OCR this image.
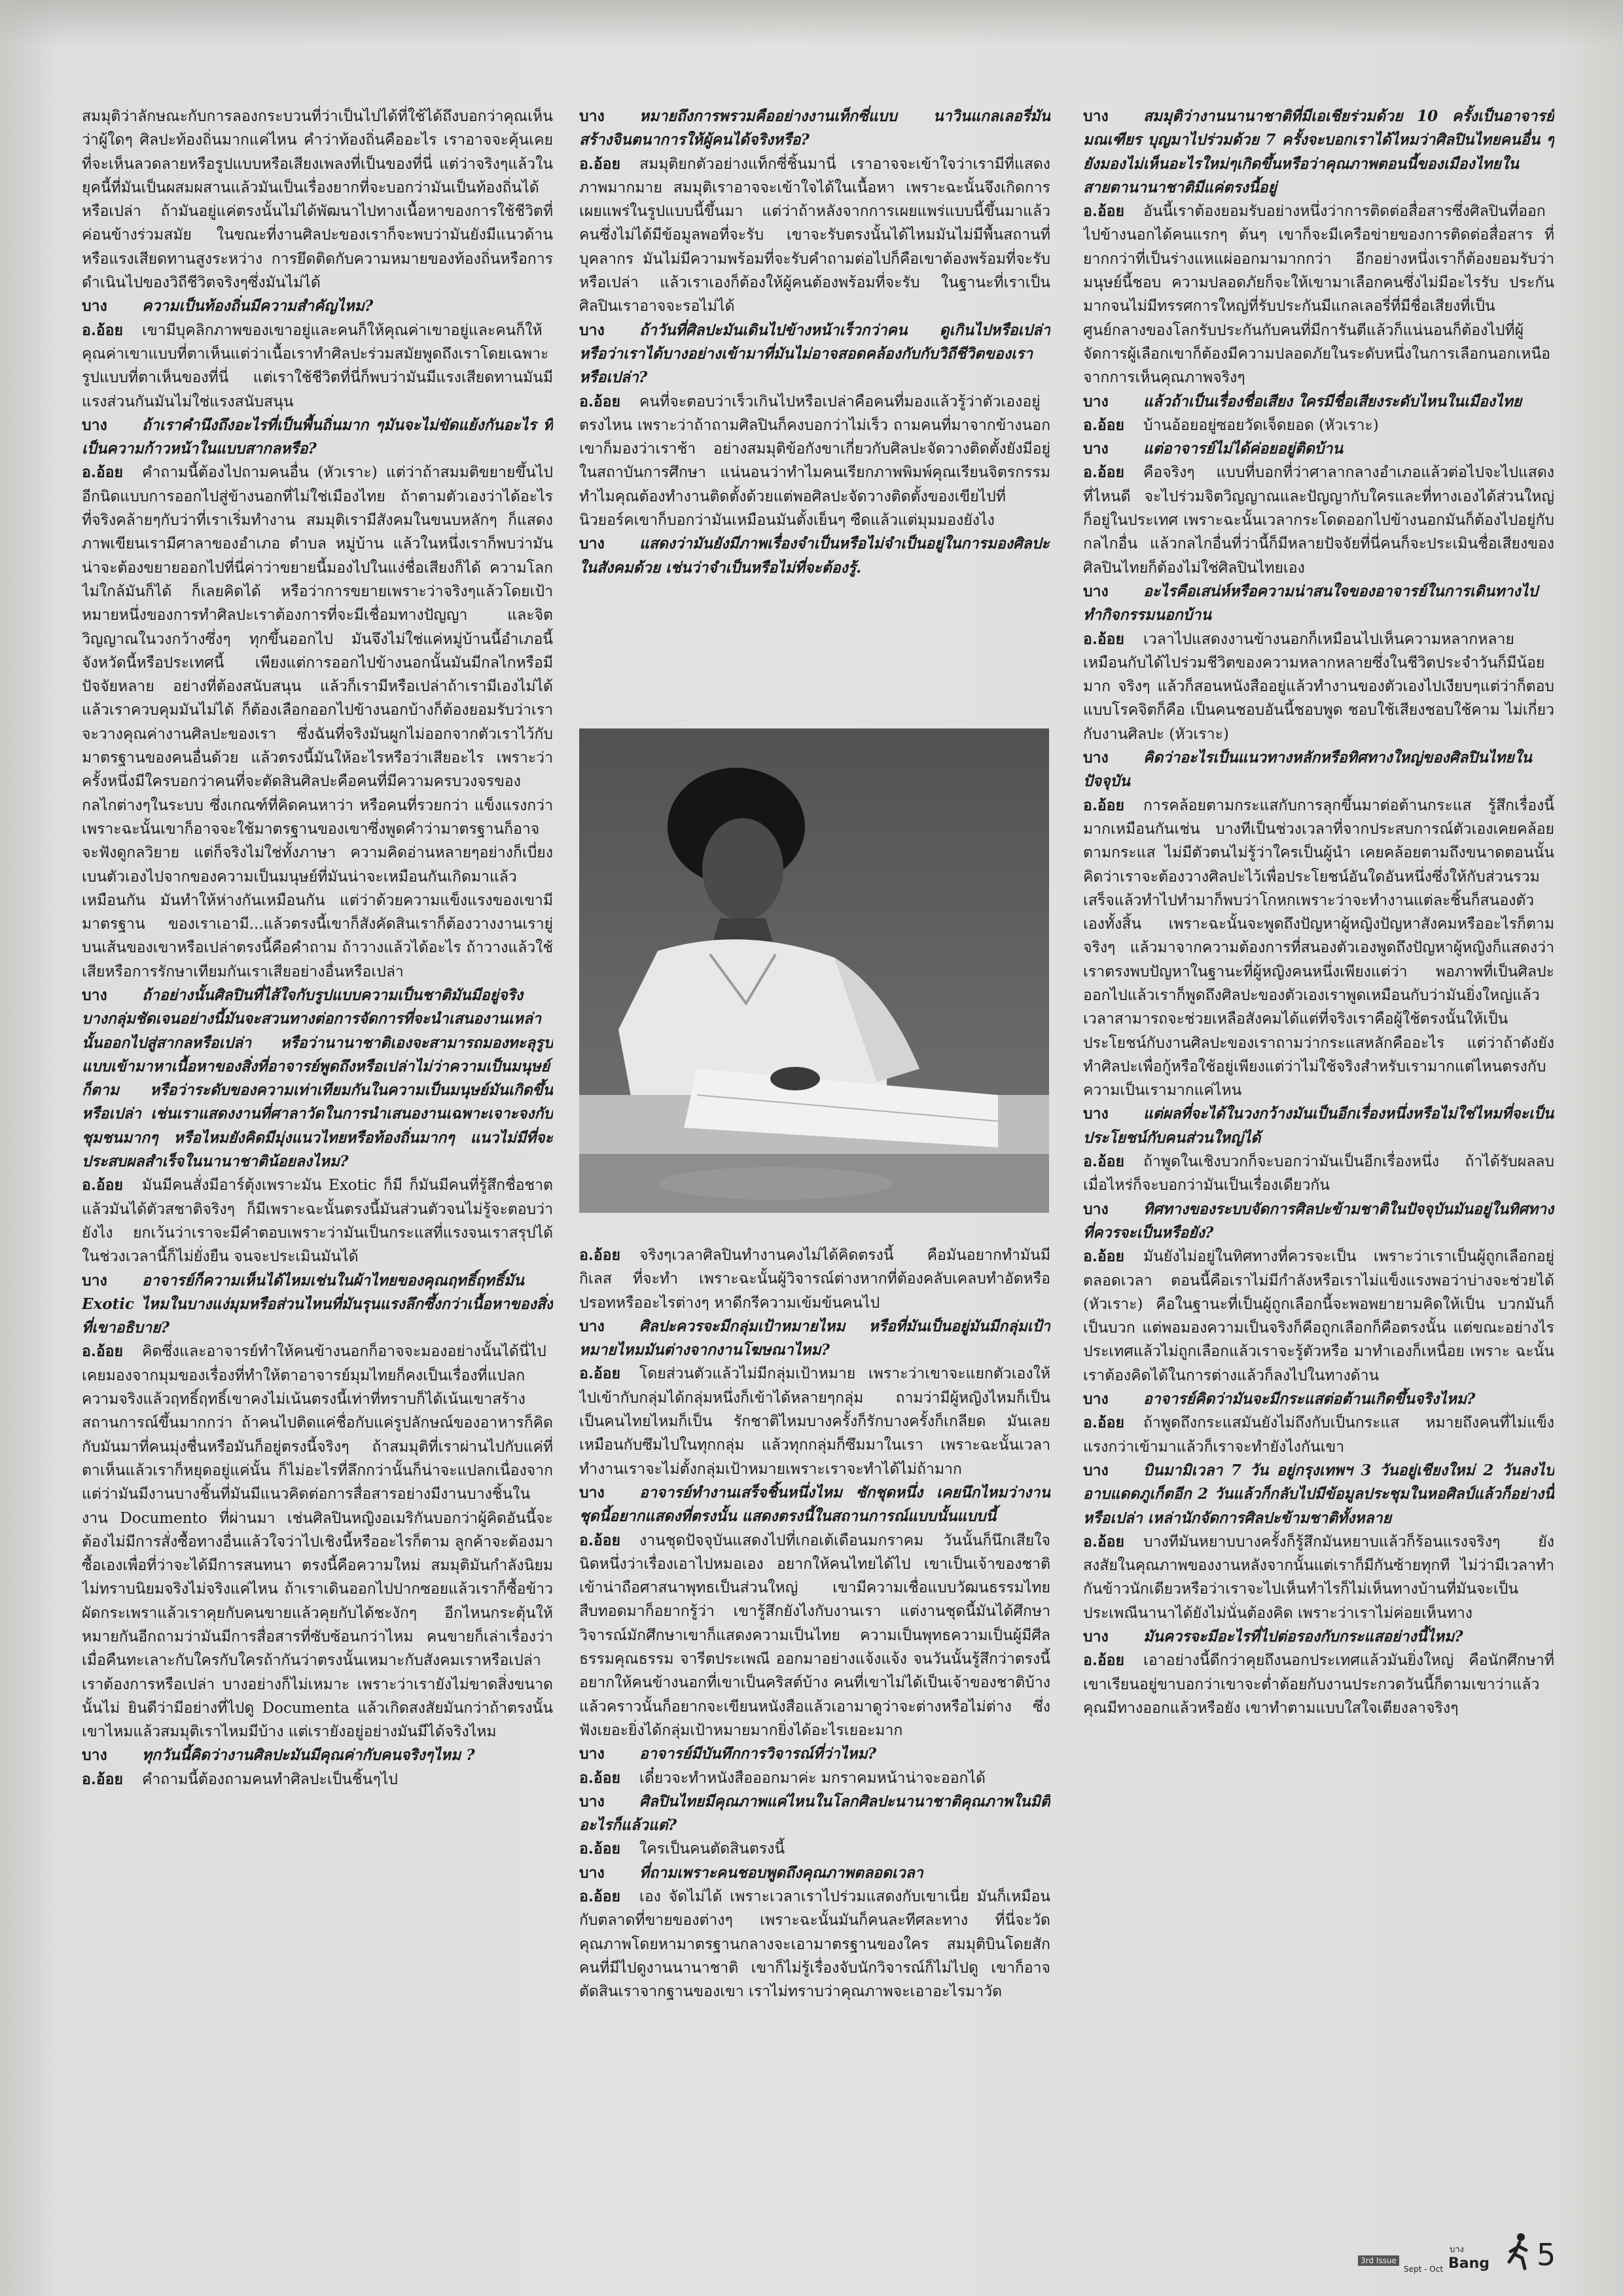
สมมุติว่าลักษณะกับการลองกระบวนที่ว่าเป็นไปได้ที่ใช้ได้ถึงบอกว่าคุณเห็นว่าผู้ใดๆ ศิลปะท้องถิ่นมากแค่ไหน คำว่าท้องถิ่นคืออะไร เราอาจจะคุ้นเคยที่จะเห็นลวดลายหรือรูปแบบหรือเสียงเพลงที่เป็นของที่นี่ แต่ว่าจริงๆแล้วในยุคนี้ที่มันเป็นผสมผสานแล้วมันเป็นเรื่องยากที่จะบอกว่ามันเป็นท้องถิ่นได้หรือเปล่า ถ้ามันอยู่แค่ตรงนั้นไม่ได้พัฒนาไปทางเนื้อหาของการใช้ชีวิตที่ค่อนข้างร่วมสมัย ในขณะที่งานศิลปะของเราก็จะพบว่ามันยังมีแนวด้านหรือแรงเสียดทานสูงระหว่าง การยึดติดกับความหมายของท้องถิ่นหรือการดำเนินไปของวิถีชีวิตจริงๆซึ่งมันไม่ได้

บาง ความเป็นท้องถิ่นมีความสำคัญไหม?

อ.อ้อย เขามีบุคลิกภาพของเขาอยู่และคนก็ให้คุณค่าเขาอยู่และคนก็ให้คุณค่าเขาแบบที่ตาเห็นแต่ว่าเนื้อเราทำศิลปะร่วมสมัยพูดถึงเราโดยเฉพาะรูปแบบที่ตาเห็นของที่นี่ แต่เราใช้ชีวิตที่นี่ก็พบว่ามันมีแรงเสียดทานมันมีแรงส่วนกันมันไม่ใช่แรงสนับสนุน

บาง ถ้าเราคำนึงถึงอะไรที่เป็นพื้นถิ่นมาก ๆมันจะไม่ขัดแย้งกันอะไร ที่เป็นความก้าวหน้าในแบบสากลหรือ?

อ.อ้อย คำถามนี้ต้องไปถามคนอื่น (หัวเราะ) แต่ว่าถ้าสมมติขยายขึ้นไปอีกนิดแบบการออกไปสู่ข้างนอกที่ไม่ใช่เมืองไทย ถ้าตามตัวเองว่าได้อะไร ที่จริงคล้ายๆกับว่าที่เราเริ่มทำงาน สมมุติเรามีสังคมในขนบหลักๆ ก็แสดงภาพเขียนเรามีศาลาของอำเภอ ตำบล หมู่บ้าน แล้วในหนึ่งเราก็พบว่ามันน่าจะต้องขยายออกไปที่นี่ค่าว่าขยายนี้มองไปในแง่ชื่อเสียงก็ได้ ความโลกไม่ใกล้มันก็ได้ ก็เลยคิดได้ หรือว่าการขยายเพราะว่าจริงๆแล้วโดยเป้าหมายหนึ่งของการทำศิลปะเราต้องการที่จะมีเชื่อมทางปัญญา และจิตวิญญาณในวงกว้างซึ่งๆ ทุกขึ้นออกไป มันจึงไม่ใช่แค่หมู่บ้านนี้อำเภอนี้ จังหวัดนี้หรือประเทศนี้ เพียงแต่การออกไปข้างนอกนั้นมันมีกลไกหรือมีปัจจัยหลาย อย่างที่ต้องสนับสนุน แล้วก็เรามีหรือเปล่าถ้าเรามีเองไม่ได้ แล้วเราควบคุมมันไม่ได้ ก็ต้องเลือกออกไปข้างนอกบ้างก็ต้องยอมรับว่าเราจะวางคุณค่างานศิลปะของเรา ซึ่งฉันที่จริงมันผูกไม่ออกจากตัวเราไว้กับมาตรฐานของคนอื่นด้วย แล้วตรงนี้มันให้อะไรหรือว่าเสียอะไร เพราะว่าครั้งหนึ่งมีใครบอกว่าคนที่จะตัดสินศิลปะคือคนที่มีความครบวงจรของกลไกต่างๆในระบบ ซึ่งเกณฑ์ที่คิดคนหาว่า หรือคนที่รวยกว่า แข็งแรงกว่าเพราะฉะนั้นเขาก็อาจจะใช้มาตรฐานของเขาซึ่งพูดคำว่ามาตรฐานก็อาจจะฟังดูกลวิยาย แต่ก็จริงไม่ใช่ทั้งภาษา ความคิดอ่านหลายๆอย่างก็เบี่ยงเบนตัวเองไปจากของความเป็นมนุษย์ที่มันน่าจะเหมือนกันเกิดมาแล้วเหมือนกัน มันทำให้ห่างกันเหมือนกัน แต่ว่าด้วยความแข็งแรงของเขามีมาตรฐาน ของเราเอามี...แล้วตรงนี้เขาก็สังคัดสินเราก็ต้องวางงานเรายู่บนเส้นของเขาหรือเปล่าตรงนี้คือคำถาม ถ้าวางแล้วได้อะไร ถ้าวางแล้วใช้เสียหรือการรักษาเทียมกันเราเสียอย่างอื่นหรือเปล่า

บาง ถ้าอย่างนั้นศิลปินที่ไส้ใจกับรูปแบบความเป็นชาติมันมีอยู่จริง บางกลุ่มชัดเจนอย่างนี้มันจะสวนทางต่อการจัดการที่จะนำเสนองานเหล่านั้นออกไปสู่สากลหรือเปล่า หรือว่านานาชาติเองจะสามารถมองทะลุรูปแบบเข้ามาหาเนื้อหาของสิ่งที่อาจารย์พูดถึงหรือเปล่าไม่ว่าความเป็นมนุษย์ก็ตาม หรือว่าระดับของความเท่าเทียมกันในความเป็นมนุษย์มันเกิดขึ้นหรือเปล่า เช่นเราแสดงงานที่ศาลาวัดในการนำเสนองานเฉพาะเจาะจงกับชุมชนมากๆ หรือไหมยังคิดมีมุ่งแนวไทยหรือท้องถิ่นมากๆ แนวไม่มีที่จะประสบผลสำเร็จในนานาชาติน้อยลงไหม?

อ.อ้อย มันมีคนสั่งมีอาร์ตุ้งเพราะมัน Exotic ก็มี ก็มันมีคนที่รู้สึกชื่อชาตแล้วมันได้ตัวสชาติจริงๆ ก็มีเพราะฉะนั้นตรงนี้มันส่วนตัวจนไม่รู้จะตอบว่ายังไง ยกเว้นว่าเราจะมีคำตอบเพราะว่ามันเป็นกระแสที่แรงจนเราสรุปได้ในช่วงเวลานี้ก็ไม่ยั่งยืน จนจะประเมินมันได้

บาง อาจารย์ก็ความเห็นได้ไหมเช่นในผ้าไทยของคุณฤทธิ์ฤทธิ์มัน Exotic ไหมในบางแง่มุมหรือส่วนไหนที่มันรุนแรงลึกซึ้งกว่าเนื้อหาของสิ่งที่เขาอธิบาย?

อ.อ้อย คิดซึ่งและอาจารย์ทำให้คนข้างนอกก็อาจจะมองอย่างนั้นได้นี่ไปเคยมองจากมุมของเรื่องที่ทำให้ตาอาจารย์มุมไทยก็คงเป็นเรื่องที่แปลกความจริงแล้วฤทธิ์ฤทธิ์เขาคงไม่เน้นตรงนี้เท่าที่ทราบก็ได้เน้นเขาสร้างสถานการณ์ขึ้นมากกว่า ถ้าคนไปติดแค่ชื่อกับแค่รูปลักษณ์ของอาหารก็คิดกับมันมาที่คนมุ่งชื่นหรือมันก็อยู่ตรงนี้จริงๆ ถ้าสมมุติที่เราผ่านไปกับแค่ที่ตาเห็นแล้วเราก็หยุดอยู่แค่นั้น ก็ไม่อะไรที่ลึกกว่านั้นก็น่าจะแปลกเนื่องจากแต่ว่ามันมีงานบางชิ้นที่มันมีแนวคิดต่อการสื่อสารอย่างมีงานบางชิ้นในงาน Documento ที่ผ่านมา เช่นศิลปินหญิงอเมริกันบอกว่าผู้คิดอันนี้จะต้องไม่มีการสั่งซื้อทางอื่นแล้วใจว่าไปเชิงนี้หรืออะไรก็ตาม ลูกค้าจะต้องมาซื้อเองเพื่อที่ว่าจะได้มีการสนทนา ตรงนี้คือความใหม่ สมมุติมันกำลังนิยม ไม่ทราบนิยมจริงไม่จริงแค่ไหน ถ้าเราเดินออกไปปากซอยแล้วเราก็ซื้อข้าวผัดกระเพราแล้วเราคุยกับคนขายแล้วคุยกับได้ชะงักๆ อีกไหนกระตุ้นให้หมายกันอีกถามว่ามันมีการสื่อสารที่ซับซ้อนกว่าไหม คนขายก็เล่าเรื่องว่าเมื่อคืนทะเลาะกับใครกับใครถ้ากันว่าตรงนั้นเหมาะกับสังคมเราหรือเปล่าเราต้องการหรือเปล่า บางอย่างก็ไม่เหมาะ เพราะว่าเรายังไม่ขาดสิ่งขนาดนั้นไม่ ยินดีว่ามีอย่างที่ไปดู Documenta แล้วเกิดสงสัยมันกว่าถ้าตรงนั้นเขาไหมแล้วสมมุติเราไหมมีบ้าง แต่เรายังอยู่อย่างมันมีได้จริงไหม

บาง ทุกวันนี้คิดว่างานศิลปะมันมีคุณค่ากับคนจริงๆไหม ?

อ.อ้อย คำถามนี้ต้องถามคนทำศิลปะเป็นชิ้นๆไป

บาง หมายถึงการพรวมคืออย่างงานเท็กซี่แบบ นาวินแกลเลอรี่มันสร้างจินตนาการให้ผู้คนได้จริงหรือ?

อ.อ้อย สมมุติยกตัวอย่างแท็กซี่ชิ้นมานี่ เราอาจจะเข้าใจว่าเรามีที่แสดงภาพมากมาย สมมุติเราอาจจะเข้าใจได้ในเนื้อหา เพราะฉะนั้นจึงเกิดการเผยแพร่ในรูปแบบนี้ขึ้นมา แต่ว่าถ้าหลังจากการเผยแพร่แบบนี้ขึ้นมาแล้วคนซึ่งไม่ได้มีข้อมูลพอที่จะรับ เขาจะรับตรงนั้นได้ไหมมันไม่มีพื้นสถานที่ บุคลากร มันไม่มีความพร้อมที่จะรับคำถามต่อไปก็คือเขาต้องพร้อมที่จะรับหรือเปล่า แล้วเราเองก็ต้องให้ผู้คนต้องพร้อมที่จะรับ ในฐานะที่เราเป็นศิลปินเราอาจจะรอไม่ได้

บาง ถ้าวันที่ศิลปะมันเดินไปข้างหน้าเร็วกว่าคน ดูเกินไปหรือเปล่า หรือว่าเราได้บางอย่างเข้ามาที่มันไม่อาจสอดคล้องกับกับวิถีชีวิตของเราหรือเปล่า?

อ.อ้อย คนที่จะตอบว่าเร็วเกินไปหรือเปล่าคือคนที่มองแล้วรู้ว่าตัวเองอยู่ตรงไหน เพราะว่าถ้าถามศิลปินก็คงบอกว่าไม่เร็ว ถามคนที่มาจากข้างนอกเขาก็มองว่าเราช้า อย่างสมมุติข้อกังขาเกี่ยวกับศิลปะจัดวางติดตั้งยังมีอยู่ในสถาบันการศึกษา แน่นอนว่าทำไมคนเรียกภาพพิมพ์คุณเรียนจิตรกรรมทำไมคุณต้องทำงานติดตั้งด้วยแต่พอศิลปะจัดวางติดตั้งของเขียไปที่นิวยอร์คเขาก็บอกว่ามันเหมือนมันตั้งเย็นๆ ซืดแล้วแต่มุมมองยังไง

บาง แสดงว่ามันยังมีภาพเรื่องจำเป็นหรือไม่จำเป็นอยู่ในการมองศิลปะในสังคมด้วย เช่นว่าจำเป็นหรือไม่ที่จะต้องรู้.

อ.อ้อย จริงๆเวลาศิลปินทำงานคงไม่ได้คิดตรงนี้ คือมันอยากทำมันมีกิเลส ที่จะทำ เพราะฉะนั้นผู้วิจารณ์ต่างหากที่ต้องคลับเคลบทำอัดหรือปรอทหรืออะไรต่างๆ หาดีกรีความเข้มข้นคนไป

บาง ศิลปะควรจะมีกลุ่มเป้าหมายไหม หรือที่มันเป็นอยู่มันมีกลุ่มเป้าหมายไหมมันต่างจากงานโฆษณาไหม?

อ.อ้อย โดยส่วนตัวแล้วไม่มีกลุ่มเป้าหมาย เพราะว่าเขาจะแยกตัวเองให้ไปเข้ากับกลุ่มได้กลุ่มหนึ่งก็เข้าได้หลายๆกลุ่ม ถามว่ามีผู้หญิงไหมก็เป็น เป็นคนไทยไหมก็เป็น รักชาติไหมบางครั้งก็รักบางครั้งก็เกลียด มันเลยเหมือนกับซึมไปในทุกกลุ่ม แล้วทุกกลุ่มก็ซึมมาในเรา เพราะฉะนั้นเวลาทำงานเราจะไม่ตั้งกลุ่มเป้าหมายเพราะเราจะทำได้ไม่ถ้ามาก

บาง อาจารย์ทำงานเสร็จชิ้นหนึ่งไหม ซักชุดหนึ่ง เคยนึกไหมว่างานชุดนี้อยากแสดงที่ตรงนั้น แสดงตรงนี้ในสถานการณ์แบบนั้นแบบนี้

อ.อ้อย งานชุดปัจจุบันแสดงไปที่เกอเต้เดือนมกราคม วันนั้นก็นึกเสียใจนิดหนึ่งว่าเรื่องเอาไปหมอเอง อยากให้คนไทยได้ไป เขาเป็นเจ้าของชาติ เข้าน่าถือศาสนาพุทธเป็นส่วนใหญ่ เขามีความเชื่อแบบวัฒนธรรมไทยสืบทอดมาก็อยากรู้ว่า เขารู้สึกยังไงกับงานเรา แต่งานชุดนี้มันได้ศึกษาวิจารณ์มักศึกษาเขาก็แสดงความเป็นไทย ความเป็นพุทธความเป็นผู้มีศีลธรรมคุณธรรม จารีตประเพณี ออกมาอย่างแจ้งแจ้ง จนวันนั้นรู้สึกว่าตรงนี้อยากให้คนข้างนอกที่เขาเป็นคริสต์บ้าง คนที่เขาไม่ได้เป็นเจ้าของชาติบ้าง แล้วคราวนั้นก็อยากจะเขียนหนังสือแล้วเอามาดูว่าจะต่างหรือไม่ต่าง ซึ่งฟังเยอะยิ่งได้กลุ่มเป้าหมายมากยิ่งได้อะไรเยอะมาก

บาง อาจารย์มีบันทึกการวิจารณ์ที่ว่าไหม?

อ.อ้อย เดี๋ยวจะทำหนังสือออกมาค่ะ มกราคมหน้าน่าจะออกได้

บาง ศิลปินไทยมีคุณภาพแค่ไหนในโลกศิลปะนานาชาติคุณภาพในมิติอะไรก็แล้วแต่?

อ.อ้อย ใครเป็นคนตัดสินตรงนี้

บาง ที่ถามเพราะคนชอบพูดถึงคุณภาพตลอดเวลา

อ.อ้อย เอง จัดไม่ได้ เพราะเวลาเราไปร่วมแสดงกับเขาเนี่ย มันก็เหมือนกับตลาดที่ขายของต่างๆ เพราะฉะนั้นมันก็คนละทีศละทาง ที่นี่จะวัดคุณภาพโดยหามาตรฐานกลางจะเอามาตรฐานของใคร สมมุติบินโดยสักคนที่มีไปดูงานนานาชาติ เขาก็ไม่รู้เรื่องจับนักวิจารณ์ก็ไม่ไปดู เขาก็อาจตัดสินเราจากฐานของเขา เราไม่ทราบว่าคุณภาพจะเอาอะไรมาวัด

บาง สมมุติว่างานนานาชาติที่มีเอเชียร่วมด้วย 10 ครั้งเป็นอาจารย์มณเฑียร บุญมาไปร่วมด้วย 7 ครั้งจะบอกเราได้ไหมว่าศิลปินไทยคนอื่น ๆ ยังมองไม่เห็นอะไรใหม่ๆเกิดขึ้นหรือว่าคุณภาพตอนนี้ของเมืองไทยในสายตานานาชาติมีแค่ตรงนี้อยู่

อ.อ้อย อันนี้เราต้องยอมรับอย่างหนึ่งว่าการติดต่อสื่อสารซึ่งศิลปินที่ออกไปข้างนอกได้คนแรกๆ ต้นๆ เขาก็จะมีเครือข่ายของการติดต่อสื่อสาร ที่ยากกว่าที่เป็นร่างแหแผ่ออกมามากกว่า อีกอย่างหนึ่งเราก็ต้องยอมรับว่ามนุษย์นี้ชอบ ความปลอดภัยก็จะให้เขามาเลือกคนซึ่งไม่มีอะไรรับ ประกันมากจนไม่มีทรรศการใหญ่ที่รับประกันมีแกลเลอรี่ที่มีชื่อเสียงที่เป็นศูนย์กลางของโลกรับประกันกับคนที่มีการันตีแล้วก็แน่นอนก็ต้องไปที่ผู้จัดการผู้เลือกเขาก็ต้องมีความปลอดภัยในระดับหนึ่งในการเลือกนอกเหนือจากการเห็นคุณภาพจริงๆ

บาง แล้วถ้าเป็นเรื่องชื่อเสียง ใครมีชื่อเสียงระดับไหนในเมืองไทย

อ.อ้อย บ้านอ้อยอยู่ซอยวัดเจ็ดยอด (หัวเราะ)

บาง แต่อาจารย์ไม่ได้ค่อยอยู่ติดบ้าน

อ.อ้อย คือจริงๆ แบบที่บอกที่ว่าศาลากลางอำเภอแล้วต่อไปจะไปแสดงที่ไหนดี จะไปร่วมจิตวิญญาณและปัญญากับใครและที่ทางเองได้ส่วนใหญ่ก็อยู่ในประเทศ เพราะฉะนั้นเวลากระโดดออกไปข้างนอกมันก็ต้องไปอยู่กับกลไกอื่น แล้วกลไกอื่นที่ว่านี้ก็มีหลายปัจจัยที่นี่คนก็จะประเมินชื่อเสียงของศิลปินไทยก็ต้องไม่ใช่ศิลปินไทยเอง

บาง อะไรคือเสน่ห์หรือความน่าสนใจของอาจารย์ในการเดินทางไปทำกิจกรรมนอกบ้าน

อ.อ้อย เวลาไปแสดงงานข้างนอกก็เหมือนไปเห็นความหลากหลายเหมือนกับได้ไปร่วมชีวิตของความหลากหลายซึ่งในชีวิตประจำวันก็มีน้อยมาก จริงๆ แล้วก็สอนหนังสืออยู่แล้วทำงานของตัวเองไปเงียบๆแต่ว่าก็ตอบแบบโรคจิตก็คือ เป็นคนชอบอันนี้ชอบพูด ชอบใช้เสียงชอบใช้คาม ไม่เกี่ยวกับงานศิลปะ (หัวเราะ)

บาง คิดว่าอะไรเป็นแนวทางหลักหรือทิศทางใหญ่ของศิลปินไทยในปัจจุบัน

อ.อ้อย การคล้อยตามกระแสกับการลุกขึ้นมาต่อต้านกระแส รู้สึกเรื่องนี้มากเหมือนกันเช่น บางทีเป็นช่วงเวลาที่จากประสบการณ์ตัวเองเคยคล้อยตามกระแส ไม่มีตัวตนไม่รู้ว่าใครเป็นผู้นำ เคยคล้อยตามถึงขนาดตอนนั้นคิดว่าเราจะต้องวางศิลปะไว้เพื่อประโยชน์อันใดอันหนึ่งซึ่งให้กับส่วนรวม เสร็จแล้วทำไปทำมาก็พบว่าโกหกเพราะว่าจะทำงานแต่ละชิ้นก็สนองตัวเองทั้งสิ้น เพราะฉะนั้นจะพูดถึงปัญหาผู้หญิงปัญหาสังคมหรืออะไรก็ตามจริงๆ แล้วมาจากความต้องการที่สนองตัวเองพูดถึงปัญหาผู้หญิงก็แสดงว่าเราตรงพบปัญหาในฐานะที่ผู้หญิงคนหนึ่งเพียงแต่ว่า พอภาพที่เป็นศิลปะออกไปแล้วเราก็พูดถึงศิลปะของตัวเองเราพูดเหมือนกับว่ามันยิ่งใหญ่แล้วเวลาสามารถจะช่วยเหลือสังคมได้แต่ที่จริงเราคือผู้ใช้ตรงนั้นให้เป็นประโยชน์กับงานศิลปะของเราถามว่ากระแสหลักคืออะไร แต่ว่าถ้าดังยังทำศิลปะเพื่อกู้หรือใช้อยู่เพียงแต่ว่าไม่ใช้จริงสำหรับเรามากแต่ไหนตรงกับความเป็นเรามากแค่ไหน

บาง แต่ผลที่จะได้ในวงกว้างมันเป็นอีกเรื่องหนึ่งหรือไม่ใช่ไหมที่จะเป็นประโยชน์กับคนส่วนใหญ่ได้

อ.อ้อย ถ้าพูดในเชิงบวกก็จะบอกว่ามันเป็นอีกเรื่องหนึ่ง ถ้าได้รับผลลบเมื่อไหร่ก็จะบอกว่ามันเป็นเรื่องเดียวกัน

บาง ทิศทางของระบบจัดการศิลปะข้ามชาติในปัจจุบันมันอยู่ในทิศทางที่ควรจะเป็นหรือยัง?

อ.อ้อย มันยังไม่อยู่ในทิศทางที่ควรจะเป็น เพราะว่าเราเป็นผู้ถูกเลือกอยู่ตลอดเวลา ตอนนี้คือเราไม่มีกำลังหรือเราไม่แข็งแรงพอว่าบ่างจะช่วยได้ (หัวเราะ) คือในฐานะที่เป็นผู้ถูกเลือกนี้จะพอพยายามคิดให้เป็น บวกมันก็เป็นบวก แต่พอมองความเป็นจริงก็คือถูกเลือกก็คือตรงนั้น แต่ขณะอย่างไร ประเทศแล้วไม่ถูกเลือกแล้วเราจะรู้ตัวหรือ มาทำเองก็เหนื่อย เพราะ ฉะนั้นเราต้องคิดได้ในการต่างแล้วก็ลงไปในทางด้าน

บาง อาจารย์คิดว่ามันจะมีกระแสต่อต้านเกิดขึ้นจริงไหม?

อ.อ้อย ถ้าพูดถึงกระแสมันยังไม่ถึงกับเป็นกระแส หมายถึงคนที่ไม่แข็งแรงกว่าเข้ามาแล้วก็เราจะทำยังไงกันเขา

บาง บินมามิเวลา 7 วัน อยู่กรุงเทพฯ 3 วันอยู่เชียงใหม่ 2 วันลงไปอาบแดดภูเก็ตอีก 2 วันแล้วก็กลับไปมีข้อมูลประชุมในหอศิลป์แล้วก็อย่างนี้หรือเปล่า เหล่านักจัดการศิลปะข้ามชาติทั้งหลาย

อ.อ้อย บางทีมันหยาบบางครั้งก็รู้สึกมันหยาบแล้วก็ร้อนแรงจริงๆ ยังสงสัยในคุณภาพของงานหลังจากนั้นแต่เราก็มีกันซ้ายทุกที ไม่ว่ามีเวลาทำกันข้าวนักเดียวหรือว่าเราจะไปเห็นทำไรก็ไม่เห็นทางบ้านที่มันจะเป็นประเพณีนานาได้ยังไม่นั่นต้องคิด เพราะว่าเราไม่ค่อยเห็นทาง

บาง มันควรจะมีอะไรที่ไปต่อรองกับกระแสอย่างนี้ไหม?

อ.อ้อย เอาอย่างนี้ดีกว่าคุยถึงนอกประเทศแล้วมันยิ่งใหญ่ คือนักศึกษาที่เขาเรียนอยู่ขาบอกว่าเขาจะต่ำต้อยกับงานประกวดวันนี้ก็ตามเขาว่าแล้วคุณมีทางออกแล้วหรือยัง เขาทำตามแบบใสใจเตียงลาจริงๆ

3rd Issue
Sept - Oct
บาง
Bang 5
